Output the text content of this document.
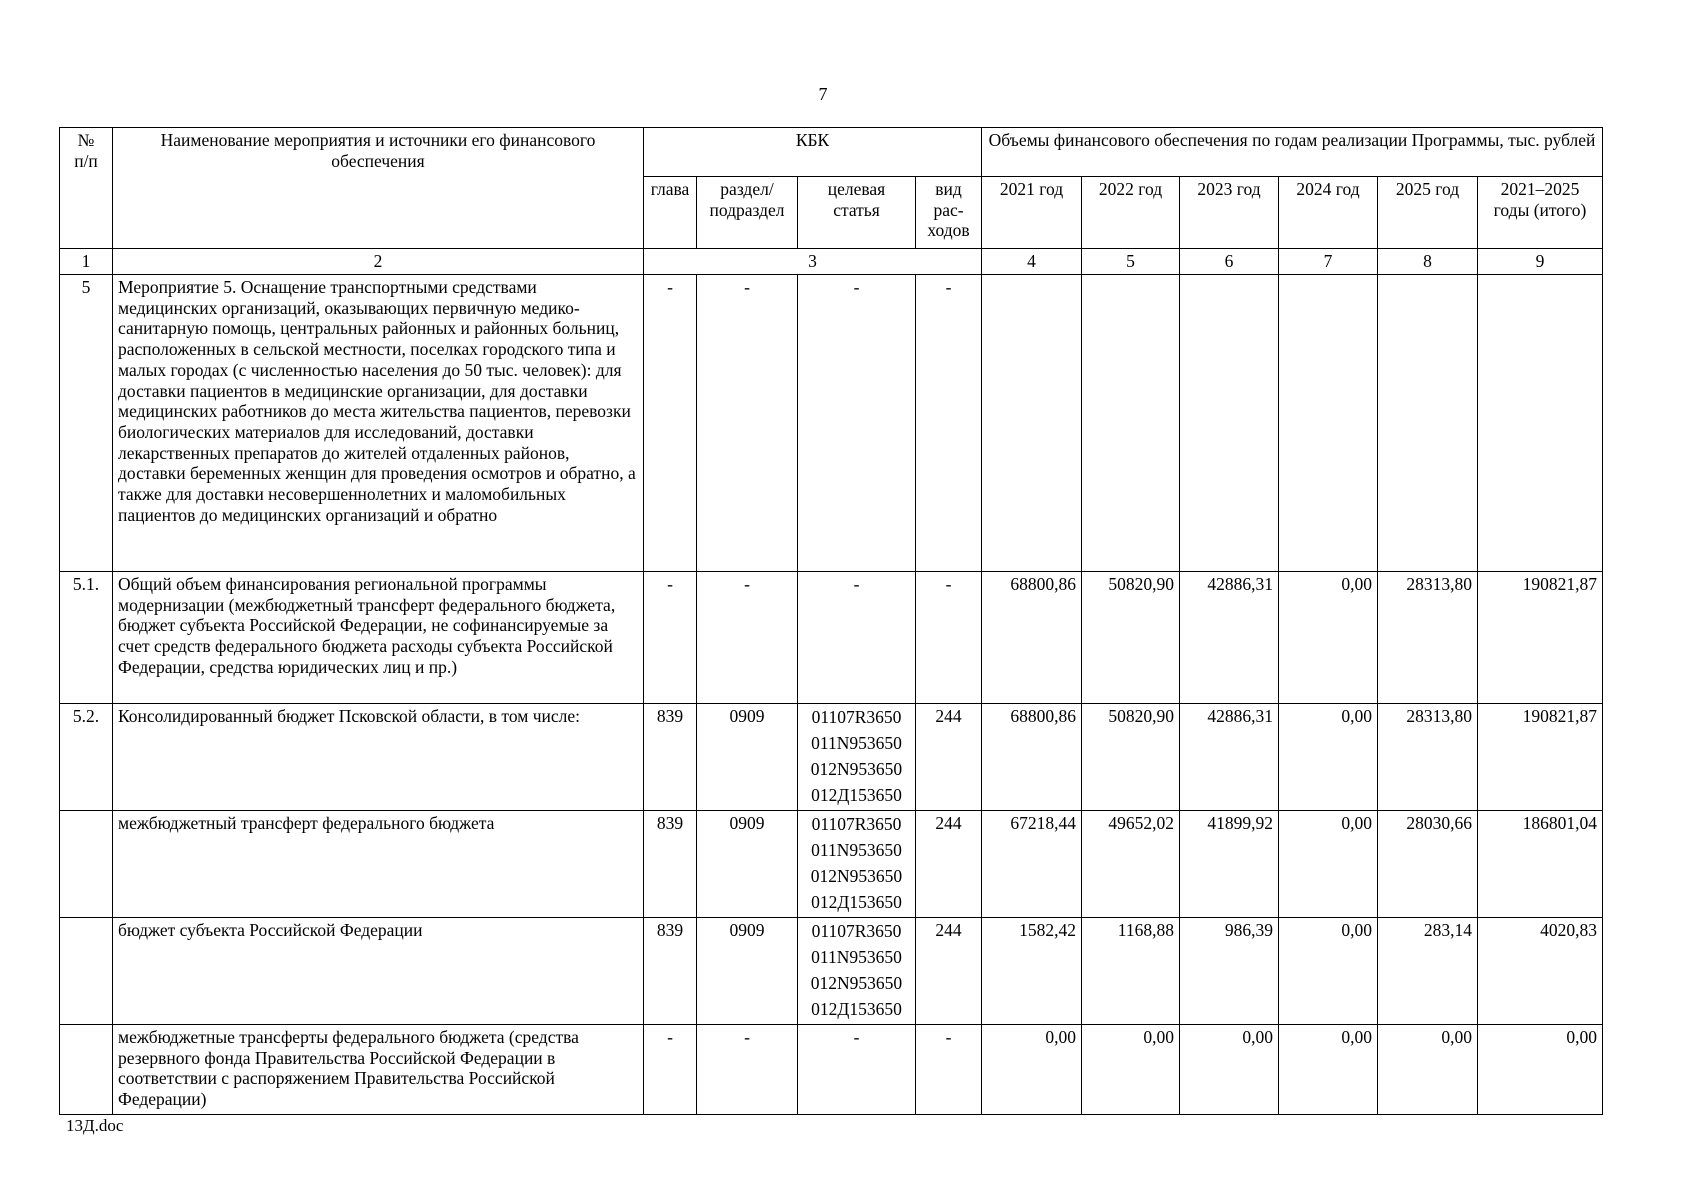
7
№
п/п	Наименование мероприятия и источники его финансового обеспечения	КБК				Объемы финансового обеспечения по годам реализации Программы, тыс. рублей					
		глава	раздел/ подраздел	целевая статья	вид рас-ходов	2021 год	2022 год	2023 год	2024 год	2025 год	2021–2025 годы (итого)
1	2	3				4	5	6	7	8	9
5	Мероприятие 5. Оснащение транспортными средствами медицинских организаций, оказывающих первичную медико-санитарную помощь, центральных районных и районных больниц, расположенных в сельской местности, поселках городского типа и малых городах (с численностью населения до 50 тыс. человек): для доставки пациентов в медицинские организации, для доставки медицинских работников до места жительства пациентов, перевозки биологических материалов для исследований, доставки лекарственных препаратов до жителей отдаленных районов, доставки беременных женщин для проведения осмотров и обратно, а также для доставки несовершеннолетних и маломобильных пациентов до медицинских организаций и обратно	-	-	-	-						
5.1.	Общий объем финансирования региональной программы модернизации (межбюджетный трансферт федерального бюджета, бюджет субъекта Российской Федерации, не софинансируемые за счет средств федерального бюджета расходы субъекта Российской Федерации, средства юридических лиц и пр.)	-	-	-	-	68800,86	50820,90	42886,31	0,00	28313,80	190821,87
5.2.	Консолидированный бюджет Псковской области, в том числе:	839	0909	01107R3650
011N953650
012N953650
012Д153650	244	68800,86	50820,90	42886,31	0,00	28313,80	190821,87
	межбюджетный трансферт федерального бюджета	839	0909	01107R3650
011N953650
012N953650
012Д153650	244	67218,44	49652,02	41899,92	0,00	28030,66	186801,04
	бюджет субъекта Российской Федерации	839	0909	01107R3650
011N953650
012N953650
012Д153650	244	1582,42	1168,88	986,39	0,00	283,14	4020,83
	межбюджетные трансферты федерального бюджета (средства резервного фонда Правительства Российской Федерации в соответствии с распоряжением Правительства Российской Федерации)	-	-	-	-	0,00	0,00	0,00	0,00	0,00	0,00
13Д.doc
